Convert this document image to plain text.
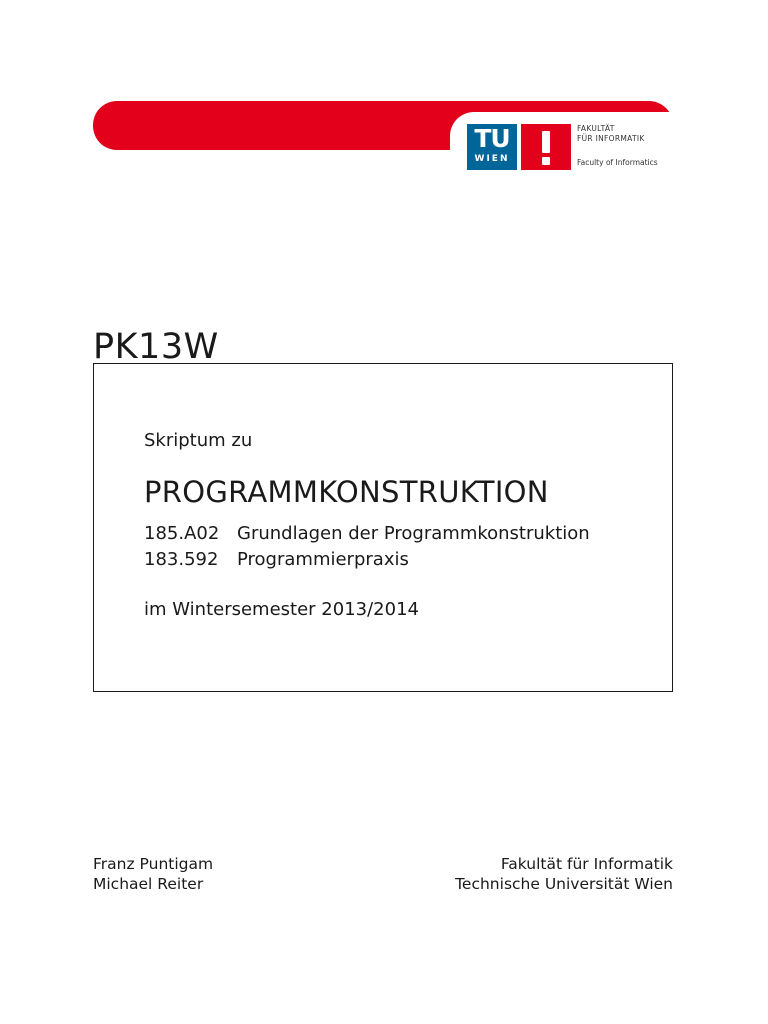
TU
WIEN
FAKULTÄT
FÜR INFORMATIK
Faculty of Informatics
PK13W
Skriptum zu
PROGRAMMKONSTRUKTION
185.A02 Grundlagen der Programmkonstruktion
183.592 Programmierpraxis
im Wintersemester 2013/2014
Franz Puntigam
Michael Reiter
Fakultät für Informatik
Technische Universität Wien
